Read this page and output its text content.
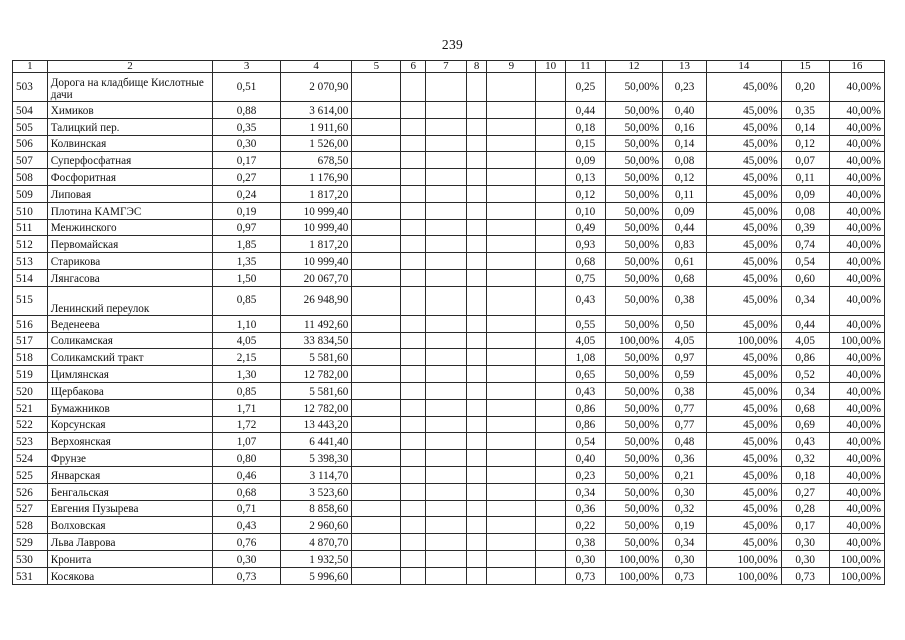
239
1	2	3	4	5	6	7	8	9	10	11	12	13	14	15	16
503	Дорога на кладбище Кислотные дачи	0,51	2 070,90							0,25	50,00%	0,23	45,00%	0,20	40,00%
504	Химиков	0,88	3 614,00							0,44	50,00%	0,40	45,00%	0,35	40,00%
505	Талицкий пер.	0,35	1 911,60							0,18	50,00%	0,16	45,00%	0,14	40,00%
506	Колвинская	0,30	1 526,00							0,15	50,00%	0,14	45,00%	0,12	40,00%
507	Суперфосфатная	0,17	678,50							0,09	50,00%	0,08	45,00%	0,07	40,00%
508	Фосфоритная	0,27	1 176,90							0,13	50,00%	0,12	45,00%	0,11	40,00%
509	Липовая	0,24	1 817,20							0,12	50,00%	0,11	45,00%	0,09	40,00%
510	Плотина КАМГЭС	0,19	10 999,40							0,10	50,00%	0,09	45,00%	0,08	40,00%
511	Менжинского	0,97	10 999,40							0,49	50,00%	0,44	45,00%	0,39	40,00%
512	Первомайская	1,85	1 817,20							0,93	50,00%	0,83	45,00%	0,74	40,00%
513	Старикова	1,35	10 999,40							0,68	50,00%	0,61	45,00%	0,54	40,00%
514	Лянгасова	1,50	20 067,70							0,75	50,00%	0,68	45,00%	0,60	40,00%
515	Ленинский переулок	0,85	26 948,90							0,43	50,00%	0,38	45,00%	0,34	40,00%
516	Веденеева	1,10	11 492,60							0,55	50,00%	0,50	45,00%	0,44	40,00%
517	Соликамская	4,05	33 834,50							4,05	100,00%	4,05	100,00%	4,05	100,00%
518	Соликамский тракт	2,15	5 581,60							1,08	50,00%	0,97	45,00%	0,86	40,00%
519	Цимлянская	1,30	12 782,00							0,65	50,00%	0,59	45,00%	0,52	40,00%
520	Щербакова	0,85	5 581,60							0,43	50,00%	0,38	45,00%	0,34	40,00%
521	Бумажников	1,71	12 782,00							0,86	50,00%	0,77	45,00%	0,68	40,00%
522	Корсунская	1,72	13 443,20							0,86	50,00%	0,77	45,00%	0,69	40,00%
523	Верхоянская	1,07	6 441,40							0,54	50,00%	0,48	45,00%	0,43	40,00%
524	Фрунзе	0,80	5 398,30							0,40	50,00%	0,36	45,00%	0,32	40,00%
525	Январская	0,46	3 114,70							0,23	50,00%	0,21	45,00%	0,18	40,00%
526	Бенгальская	0,68	3 523,60							0,34	50,00%	0,30	45,00%	0,27	40,00%
527	Евгения Пузырева	0,71	8 858,60							0,36	50,00%	0,32	45,00%	0,28	40,00%
528	Волховская	0,43	2 960,60							0,22	50,00%	0,19	45,00%	0,17	40,00%
529	Льва Лаврова	0,76	4 870,70							0,38	50,00%	0,34	45,00%	0,30	40,00%
530	Кронита	0,30	1 932,50							0,30	100,00%	0,30	100,00%	0,30	100,00%
531	Косякова	0,73	5 996,60							0,73	100,00%	0,73	100,00%	0,73	100,00%
